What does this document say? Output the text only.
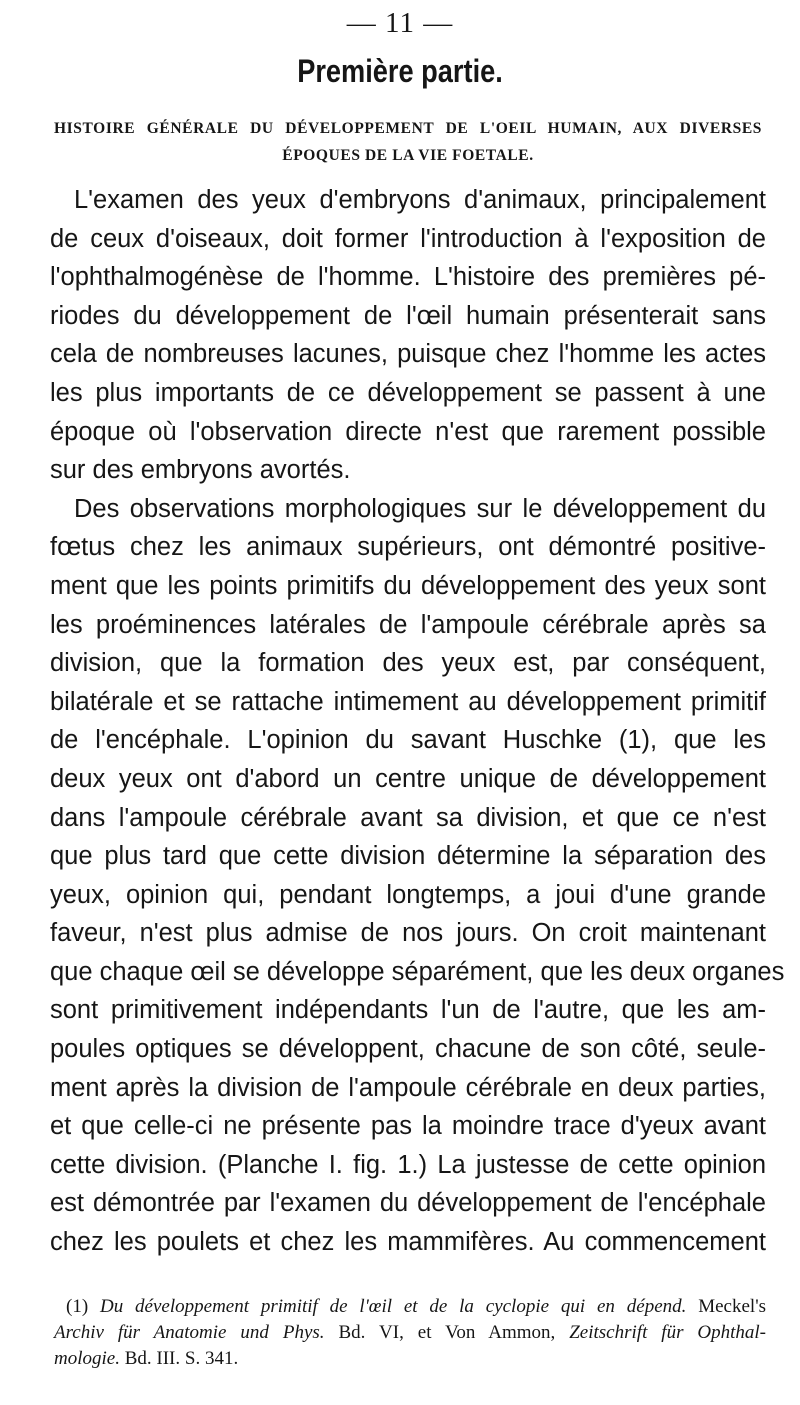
— 11 —
Première partie.
HISTOIRE GÉNÉRALE DU DÉVELOPPEMENT DE L'OEIL HUMAIN, AUX DIVERSES
ÉPOQUES DE LA VIE FOETALE.

L'examen des yeux d'embryons d'animaux, principalement
de ceux d'oiseaux, doit former l'introduction à l'exposition de
l'ophthalmogénèse de l'homme. L'histoire des premières pé-
riodes du développement de l'œil humain présenterait sans
cela de nombreuses lacunes, puisque chez l'homme les actes
les plus importants de ce développement se passent à une
époque où l'observation directe n'est que rarement possible
sur des embryons avortés.

Des observations morphologiques sur le développement du
fœtus chez les animaux supérieurs, ont démontré positive-
ment que les points primitifs du développement des yeux sont
les proéminences latérales de l'ampoule cérébrale après sa
division, que la formation des yeux est, par conséquent,
bilatérale et se rattache intimement au développement primitif
de l'encéphale. L'opinion du savant Huschke (1), que les
deux yeux ont d'abord un centre unique de développement
dans l'ampoule cérébrale avant sa division, et que ce n'est
que plus tard que cette division détermine la séparation des
yeux, opinion qui, pendant longtemps, a joui d'une grande
faveur, n'est plus admise de nos jours. On croit maintenant
que chaque œil se développe séparément, que les deux organes
sont primitivement indépendants l'un de l'autre, que les am-
poules optiques se développent, chacune de son côté, seule-
ment après la division de l'ampoule cérébrale en deux parties,
et que celle-ci ne présente pas la moindre trace d'yeux avant
cette division. (Planche I. fig. 1.) La justesse de cette opinion
est démontrée par l'examen du développement de l'encéphale
chez les poulets et chez les mammifères. Au commencement

(1) Du développement primitif de l'œil et de la cyclopie qui en dépend. Meckel's
Archiv für Anatomie und Phys. Bd. VI, et Von Ammon, Zeitschrift für Ophthal-
mologie. Bd. III. S. 341.
